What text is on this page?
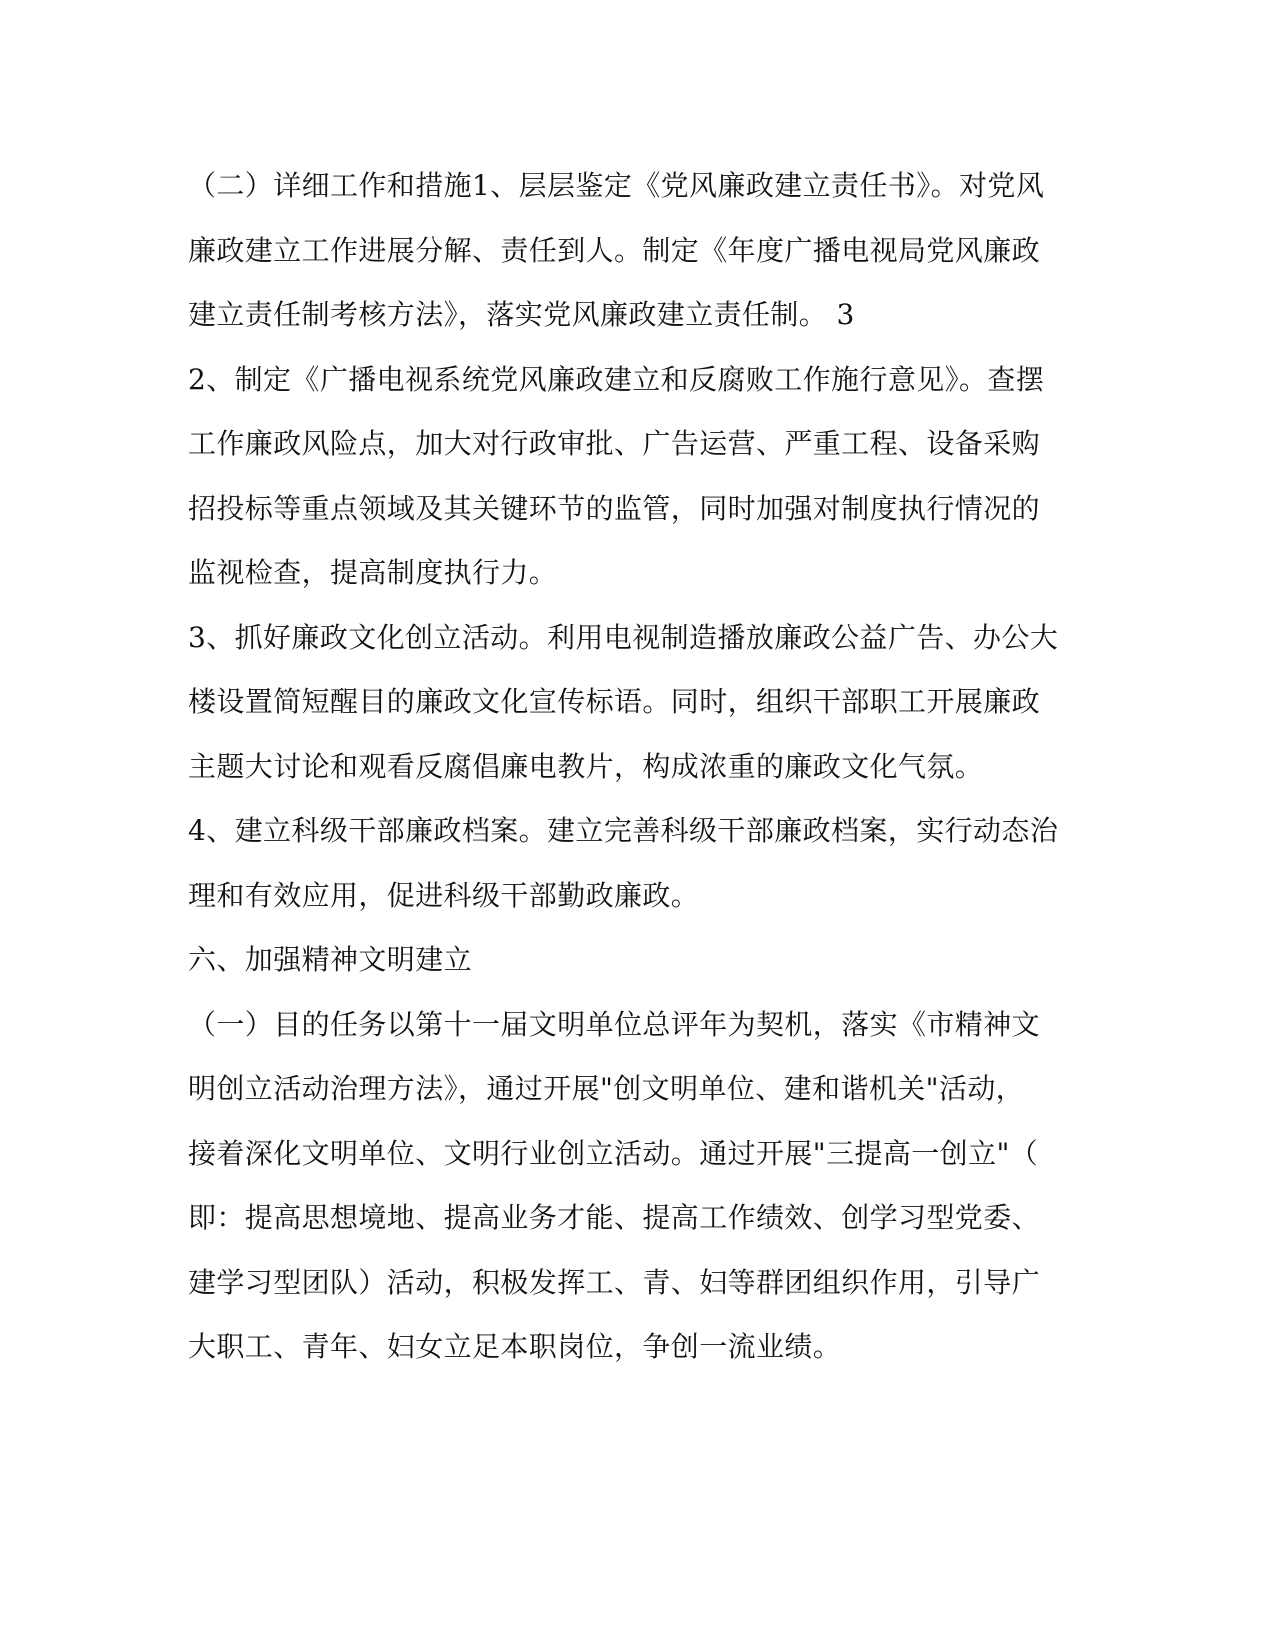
（二）详细工作和措施1、层层鉴定《党风廉政建立责任书》。对党风
廉政建立工作进展分解、责任到人。制定《年度广播电视局党风廉政
建立责任制考核方法》，落实党风廉政建立责任制。 3
2、制定《广播电视系统党风廉政建立和反腐败工作施行意见》。查摆
工作廉政风险点，加大对行政审批、广告运营、严重工程、设备采购
招投标等重点领域及其关键环节的监管，同时加强对制度执行情况的
监视检查，提高制度执行力。
3、抓好廉政文化创立活动。利用电视制造播放廉政公益广告、办公大
楼设置简短醒目的廉政文化宣传标语。同时，组织干部职工开展廉政
主题大讨论和观看反腐倡廉电教片，构成浓重的廉政文化气氛。
4、建立科级干部廉政档案。建立完善科级干部廉政档案，实行动态治
理和有效应用，促进科级干部勤政廉政。
六、加强精神文明建立
（一）目的任务以第十一届文明单位总评年为契机，落实《市精神文
明创立活动治理方法》，通过开展"创文明单位、建和谐机关"活动，
接着深化文明单位、文明行业创立活动。通过开展"三提高一创立"（
即：提高思想境地、提高业务才能、提高工作绩效、创学习型党委、
建学习型团队）活动，积极发挥工、青、妇等群团组织作用，引导广
大职工、青年、妇女立足本职岗位，争创一流业绩。
